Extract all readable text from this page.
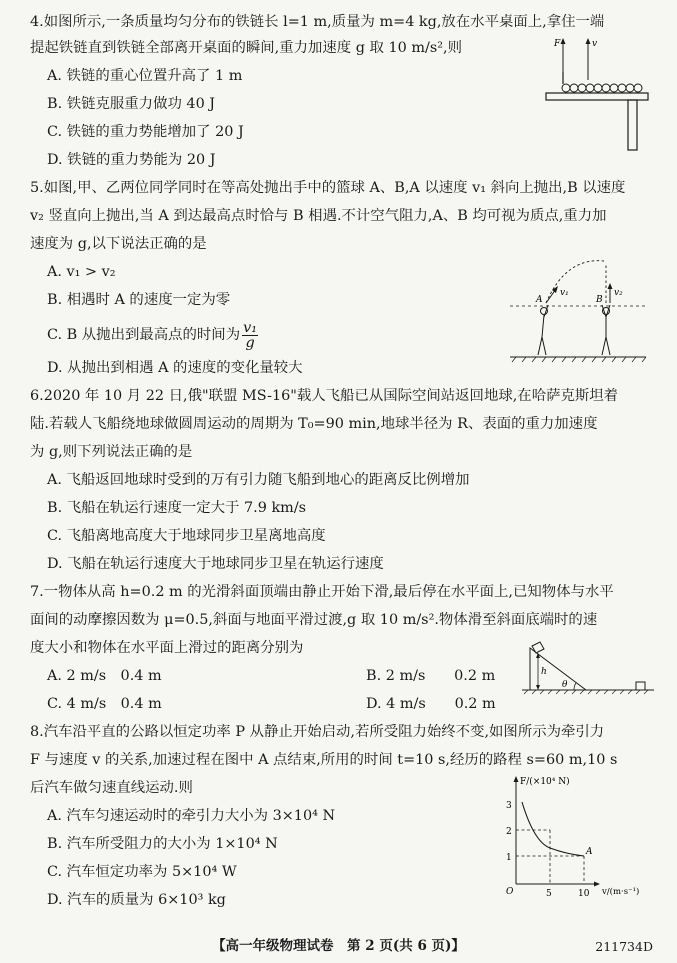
4.如图所示,一条质量均匀分布的铁链长 l=1 m,质量为 m=4 kg,放在水平桌面上,拿住一端
提起铁链直到铁链全部离开桌面的瞬间,重力加速度 g 取 10 m/s²,则
A. 铁链的重心位置升高了 1 m
B. 铁链克服重力做功 40 J
C. 铁链的重力势能增加了 20 J
D. 铁链的重力势能为 20 J
F	v
5.如图,甲、乙两位同学同时在等高处抛出手中的篮球 A、B,A 以速度 v₁ 斜向上抛出,B 以速度
v₂ 竖直向上抛出,当 A 到达最高点时恰与 B 相遇.不计空气阻力,A、B 均可视为质点,重力加
速度为 g,以下说法正确的是
A. v₁ > v₂
B. 相遇时 A 的速度一定为零
C. B 从抛出到最高点的时间为 $\frac{\text{v₁}}{g}$
D. 从抛出到相遇 A 的速度的变化量较大
v₁	v₂
A	B
6.2020 年 10 月 22 日,俄"联盟 MS-16"载人飞船已从国际空间站返回地球,在哈萨克斯坦着
陆.若载人飞船绕地球做圆周运动的周期为 T₀=90 min,地球半径为 R、表面的重力加速度
为 g,则下列说法正确的是
A. 飞船返回地球时受到的万有引力随飞船到地心的距离反比例增加
B. 飞船在轨运行速度一定大于 7.9 km/s
C. 飞船离地高度大于地球同步卫星离地高度
D. 飞船在轨运行速度大于地球同步卫星在轨运行速度
7.一物体从高 h=0.2 m 的光滑斜面顶端由静止开始下滑,最后停在水平面上,已知物体与水平
面间的动摩擦因数为 μ=0.5,斜面与地面平滑过渡,g 取 10 m/s².物体滑至斜面底端时的速
度大小和物体在水平面上滑过的距离分别为
A. 2 m/s　0.4 m	B. 2 m/s　　0.2 m
C. 4 m/s　0.4 m	D. 4 m/s　　0.2 m
h
θ
8.汽车沿平直的公路以恒定功率 P 从静止开始启动,若所受阻力始终不变,如图所示为牵引力
F 与速度 v 的关系,加速过程在图中 A 点结束,所用的时间 t=10 s,经历的路程 s=60 m,10 s
后汽车做匀速直线运动.则
A. 汽车匀速运动时的牵引力大小为 3×10⁴ N
B. 汽车所受阻力的大小为 1×10⁴ N
C. 汽车恒定功率为 5×10⁴ W
D. 汽车的质量为 6×10³ kg
F/(×10⁴ N)
v/(m·s⁻¹)
O
1
2
3
5	10
A
【高一年级物理试卷　第 2 页(共 6 页)】	211734D
